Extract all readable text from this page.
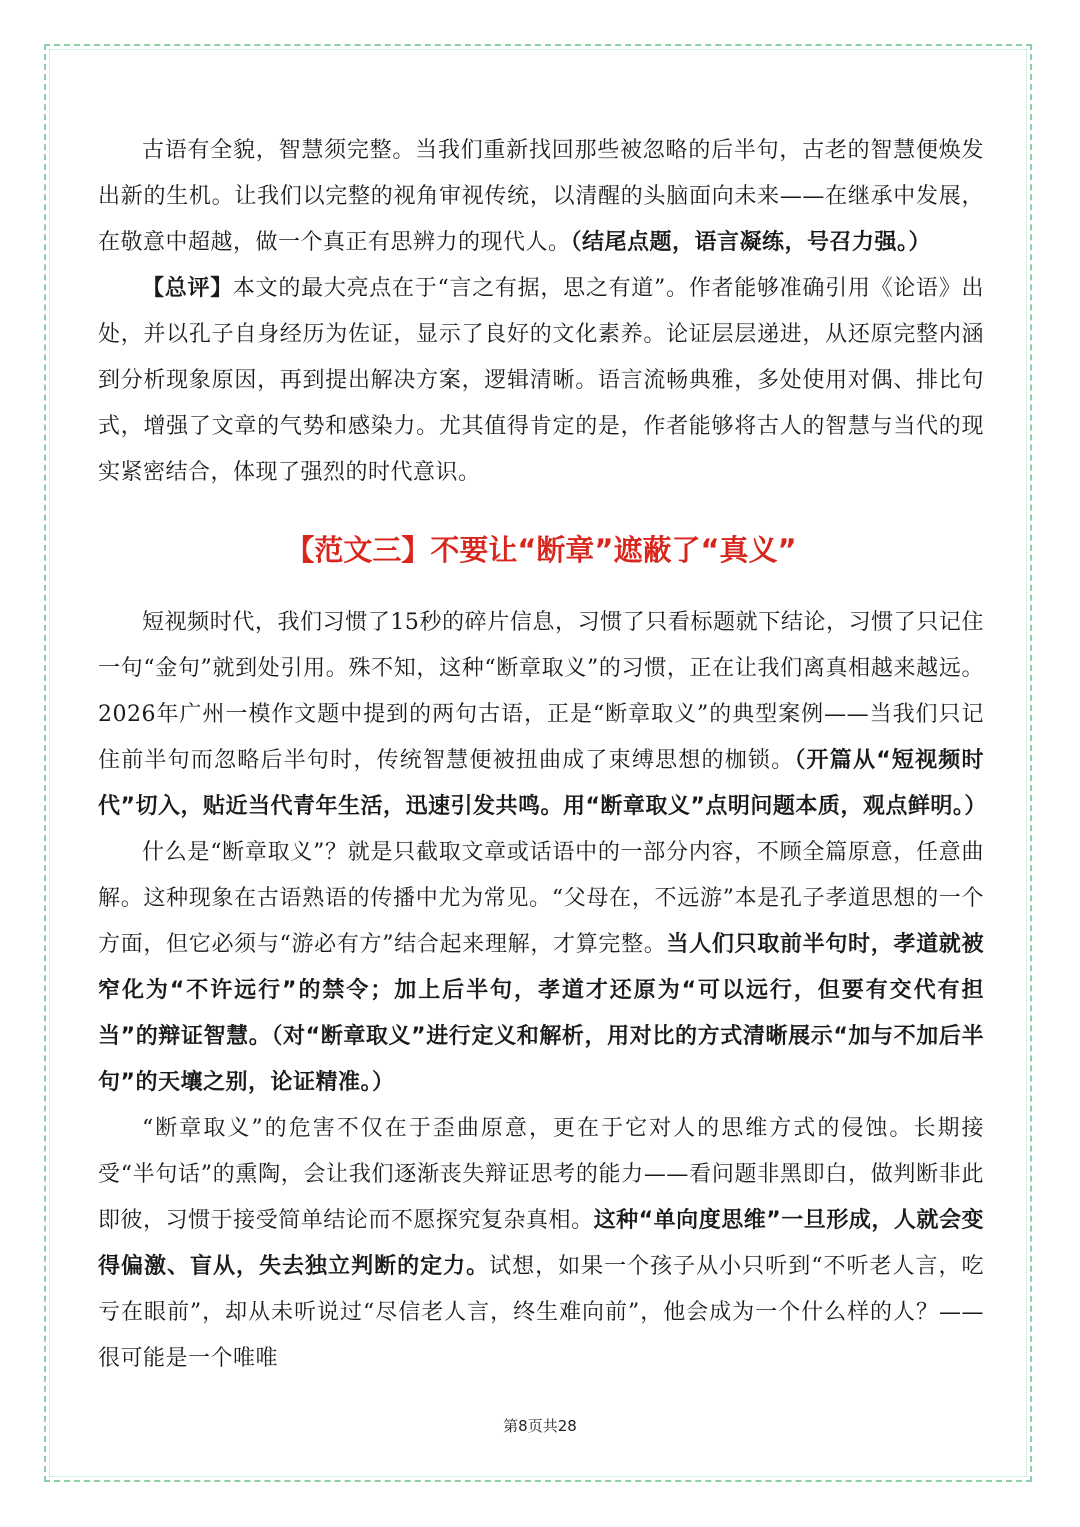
古语有全貌，智慧须完整。当我们重新找回那些被忽略的后半句，古老的智慧便焕发出新的生机。让我们以完整的视角审视传统，以清醒的头脑面向未来——在继承中发展，在敬意中超越，做一个真正有思辨力的现代人。（结尾点题，语言凝练，号召力强。）

【总评】本文的最大亮点在于“言之有据，思之有道”。作者能够准确引用《论语》出处，并以孔子自身经历为佐证，显示了良好的文化素养。论证层层递进，从还原完整内涵到分析现象原因，再到提出解决方案，逻辑清晰。语言流畅典雅，多处使用对偶、排比句式，增强了文章的气势和感染力。尤其值得肯定的是，作者能够将古人的智慧与当代的现实紧密结合，体现了强烈的时代意识。

【范文三】不要让“断章”遮蔽了“真义”

短视频时代，我们习惯了15秒的碎片信息，习惯了只看标题就下结论，习惯了只记住一句“金句”就到处引用。殊不知，这种“断章取义”的习惯，正在让我们离真相越来越远。2026年广州一模作文题中提到的两句古语，正是“断章取义”的典型案例——当我们只记住前半句而忽略后半句时，传统智慧便被扭曲成了束缚思想的枷锁。（开篇从“短视频时代”切入，贴近当代青年生活，迅速引发共鸣。用“断章取义”点明问题本质，观点鲜明。）

什么是“断章取义”？就是只截取文章或话语中的一部分内容，不顾全篇原意，任意曲解。这种现象在古语熟语的传播中尤为常见。“父母在，不远游”本是孔子孝道思想的一个方面，但它必须与“游必有方”结合起来理解，才算完整。当人们只取前半句时，孝道就被窄化为“不许远行”的禁令；加上后半句，孝道才还原为“可以远行，但要有交代有担当”的辩证智慧。（对“断章取义”进行定义和解析，用对比的方式清晰展示“加与不加后半句”的天壤之别，论证精准。）

“断章取义”的危害不仅在于歪曲原意，更在于它对人的思维方式的侵蚀。长期接受“半句话”的熏陶，会让我们逐渐丧失辩证思考的能力——看问题非黑即白，做判断非此即彼，习惯于接受简单结论而不愿探究复杂真相。这种“单向度思维”一旦形成，人就会变得偏激、盲从，失去独立判断的定力。试想，如果一个孩子从小只听到“不听老人言，吃亏在眼前”，却从未听说过“尽信老人言，终生难向前”，他会成为一个什么样的人？——很可能是一个唯唯

第8页共28
